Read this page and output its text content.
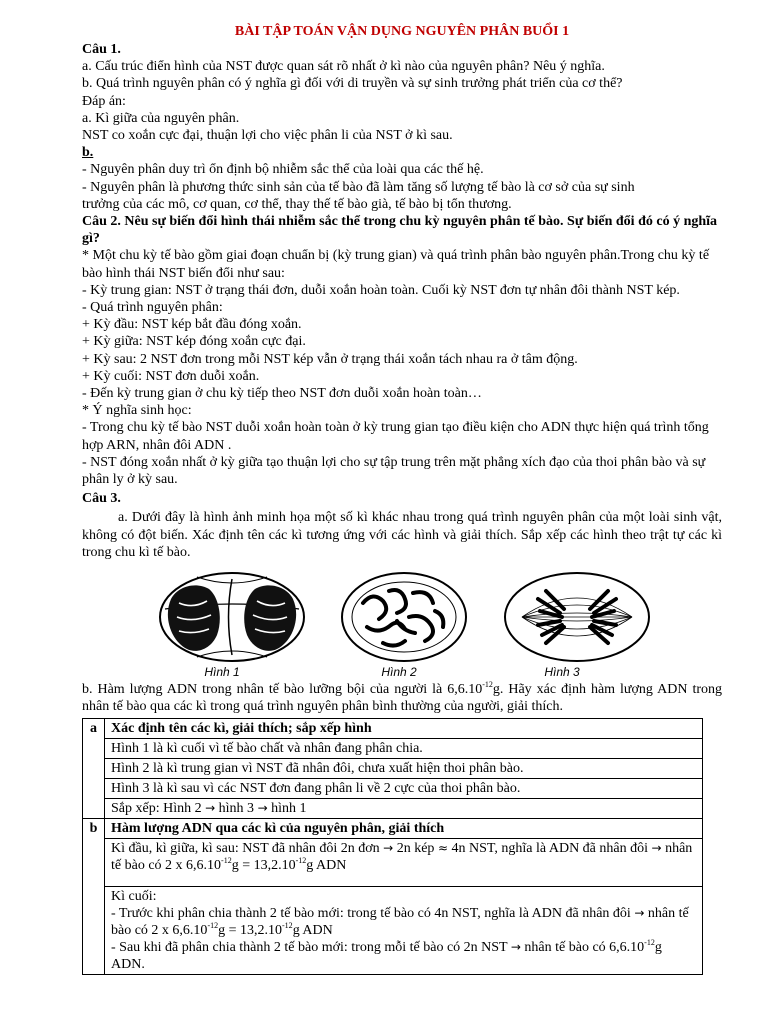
BÀI TẬP TOÁN VẬN DỤNG NGUYÊN PHÂN BUỔI 1
Câu 1.
a. Cấu trúc điển hình của NST được quan sát rõ nhất ở kì nào của nguyên phân? Nêu ý nghĩa.
b. Quá trình nguyên phân có ý nghĩa gì đối với di truyền và sự sinh trưởng phát triển của cơ thể?
Đáp án:
a. Kì giữa của nguyên phân.
NST co xoắn cực đại, thuận lợi cho việc phân li của NST ở kì sau.
b.
- Nguyên phân duy trì ổn định bộ nhiễm sắc thể của loài qua các thế hệ.
- Nguyên phân là phương thức sinh sản của tế bào đã làm tăng số lượng tế bào là cơ sở của sự sinh
trưởng của các mô, cơ quan, cơ thể, thay thế tế bào già, tế bào bị tổn thương.
Câu 2. Nêu sự biến đổi hình thái nhiễm sắc thể trong chu kỳ nguyên phân tế bào. Sự biến đổi đó có ý nghĩa gì?
* Một chu kỳ tế bào gồm giai đoạn chuẩn bị (kỳ trung gian) và quá trình phân bào nguyên phân.Trong chu kỳ tế bào hình thái NST biến đổi như sau:
- Kỳ trung gian: NST ở trạng thái đơn, duỗi xoắn hoàn toàn. Cuối kỳ NST đơn tự nhân đôi thành NST kép.
- Quá trình nguyên phân:
+ Kỳ đầu: NST kép bắt đầu đóng xoắn.
+ Kỳ giữa: NST kép đóng xoắn cực đại.
+ Kỳ sau: 2 NST đơn trong mỗi NST kép vẫn ở trạng thái xoắn tách nhau ra ở tâm động.
+ Kỳ cuối: NST đơn duỗi xoắn.
- Đến kỳ trung gian ở chu kỳ tiếp theo NST đơn duỗi xoắn hoàn toàn…
* Ý nghĩa sinh học:
- Trong chu kỳ tế bào NST duỗi xoắn hoàn toàn ở kỳ trung gian tạo điều kiện cho ADN thực hiện quá trình tổng hợp ARN, nhân đôi ADN .
- NST đóng xoắn nhất ở kỳ giữa tạo thuận lợi cho sự tập trung trên mặt phẳng xích đạo của thoi phân bào và sự phân ly ở kỳ sau.
Câu 3.
a. Dưới đây là hình ảnh minh họa một số kì khác nhau trong quá trình nguyên phân của một loài sinh vật, không có đột biến. Xác định tên các kì tương ứng với các hình và giải thích. Sắp xếp các hình theo trật tự các kì trong chu kì tế bào.
Hình 1	Hình 2	Hình 3
b. Hàm lượng ADN trong nhân tế bào lưỡng bội của người là $6,6.10^{-12}g$. Hãy xác định hàm lượng ADN trong nhân tế bào qua các kì trong quá trình nguyên phân bình thường của người, giải thích.
a	Xác định tên các kì, giải thích; sắp xếp hình
	Hình 1 là kì cuối vì tế bào chất và nhân đang phân chia.
	Hình 2 là kì trung gian vì NST đã nhân đôi, chưa xuất hiện thoi phân bào.
	Hình 3 là kì sau vì các NST đơn đang phân li về 2 cực của thoi phân bào.
	Sắp xếp: Hình 2 → hình 3 → hình 1
b	Hàm lượng ADN qua các kì của nguyên phân, giải thích
	Kì đầu, kì giữa, kì sau: NST đã nhân đôi 2n đơn → 2n kép ≈ 4n NST, nghĩa là ADN đã nhân đôi → nhân tế bào có 2 x $6,6.10^{-12}g = 13,2.10^{-12}g$ ADN

	Kì cuối:
- Trước khi phân chia thành 2 tế bào mới: trong tế bào có 4n NST, nghĩa là ADN đã nhân đôi → nhân tế bào có 2 x $6,6.10^{-12}g = 13,2.10^{-12}g$ ADN
- Sau khi đã phân chia thành 2 tế bào mới: trong mỗi tế bào có 2n NST → nhân tế bào có $6,6.10^{-12}g$ ADN.
